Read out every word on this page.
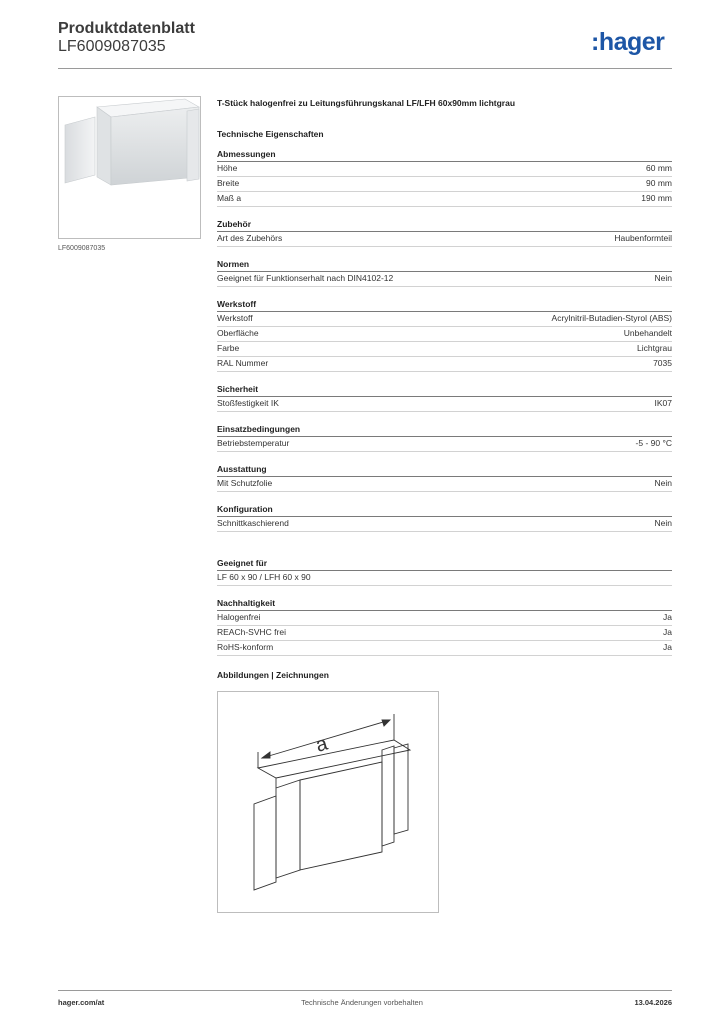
Produktdatenblatt
LF6009087035	:hager
LF6009087035
T-Stück halogenfrei zu Leitungsführungskanal LF/LFH 60x90mm lichtgrau
Technische Eigenschaften
Abmessungen
Höhe	60 mm
Breite	90 mm
Maß a	190 mm
Zubehör
Art des Zubehörs	Haubenformteil
Normen
Geeignet für Funktionserhalt nach DIN4102-12	Nein
Werkstoff
Werkstoff	Acrylnitril-Butadien-Styrol (ABS)
Oberfläche	Unbehandelt
Farbe	Lichtgrau
RAL Nummer	7035
Sicherheit
Stoßfestigkeit IK	IK07
Einsatzbedingungen
Betriebstemperatur	-5 - 90 °C
Ausstattung
Mit Schutzfolie	Nein
Konfiguration
Schnittkaschierend	Nein
Geeignet für
LF 60 x 90 / LFH 60 x 90
Nachhaltigkeit
Halogenfrei	Ja
REACh-SVHC frei	Ja
RoHS-konform	Ja
Abbildungen | Zeichnungen
a
hager.com/at	Technische Änderungen vorbehalten	13.04.2026
